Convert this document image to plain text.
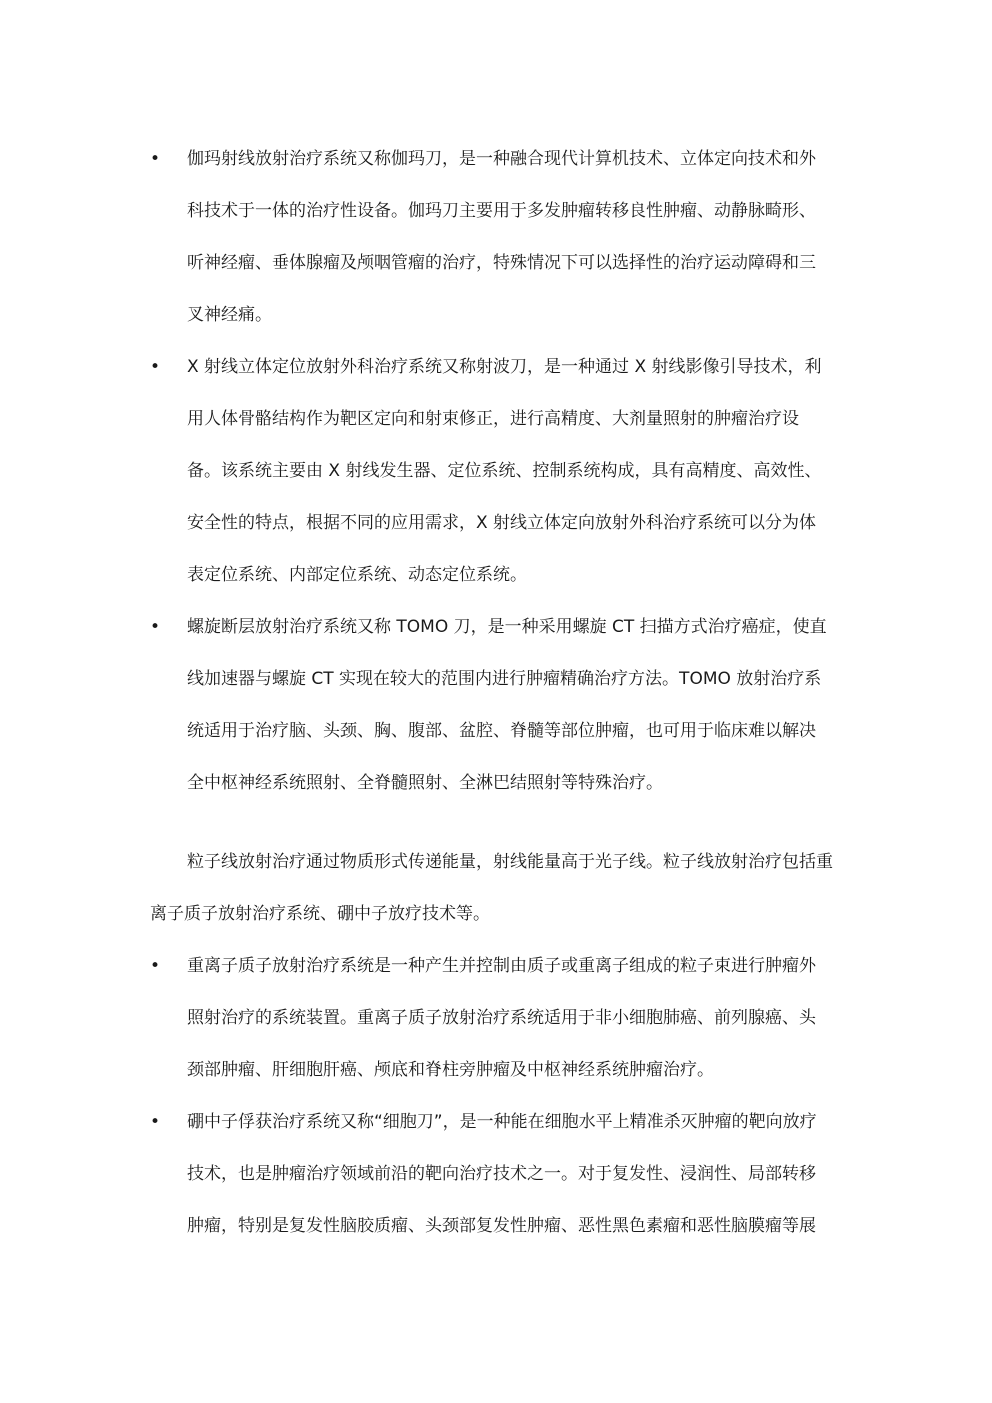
• 伽玛射线放射治疗系统又称伽玛刀，是一种融合现代计算机技术、立体定向技术和外
科技术于一体的治疗性设备。伽玛刀主要用于多发肿瘤转移良性肿瘤、动静脉畸形、
听神经瘤、垂体腺瘤及颅咽管瘤的治疗，特殊情况下可以选择性的治疗运动障碍和三
叉神经痛。
• X 射线立体定位放射外科治疗系统又称射波刀，是一种通过 X 射线影像引导技术，利
用人体骨骼结构作为靶区定向和射束修正，进行高精度、大剂量照射的肿瘤治疗设
备。该系统主要由 X 射线发生器、定位系统、控制系统构成，具有高精度、高效性、
安全性的特点，根据不同的应用需求，X 射线立体定向放射外科治疗系统可以分为体
表定位系统、内部定位系统、动态定位系统。
• 螺旋断层放射治疗系统又称 TOMO 刀，是一种采用螺旋 CT 扫描方式治疗癌症，使直
线加速器与螺旋 CT 实现在较大的范围内进行肿瘤精确治疗方法。TOMO 放射治疗系
统适用于治疗脑、头颈、胸、腹部、盆腔、脊髓等部位肿瘤，也可用于临床难以解决
全中枢神经系统照射、全脊髓照射、全淋巴结照射等特殊治疗。
粒子线放射治疗通过物质形式传递能量，射线能量高于光子线。粒子线放射治疗包括重
离子质子放射治疗系统、硼中子放疗技术等。
• 重离子质子放射治疗系统是一种产生并控制由质子或重离子组成的粒子束进行肿瘤外
照射治疗的系统装置。重离子质子放射治疗系统适用于非小细胞肺癌、前列腺癌、头
颈部肿瘤、肝细胞肝癌、颅底和脊柱旁肿瘤及中枢神经系统肿瘤治疗。
• 硼中子俘获治疗系统又称“细胞刀”，是一种能在细胞水平上精准杀灭肿瘤的靶向放疗
技术，也是肿瘤治疗领域前沿的靶向治疗技术之一。对于复发性、浸润性、局部转移
肿瘤，特别是复发性脑胶质瘤、头颈部复发性肿瘤、恶性黑色素瘤和恶性脑膜瘤等展
